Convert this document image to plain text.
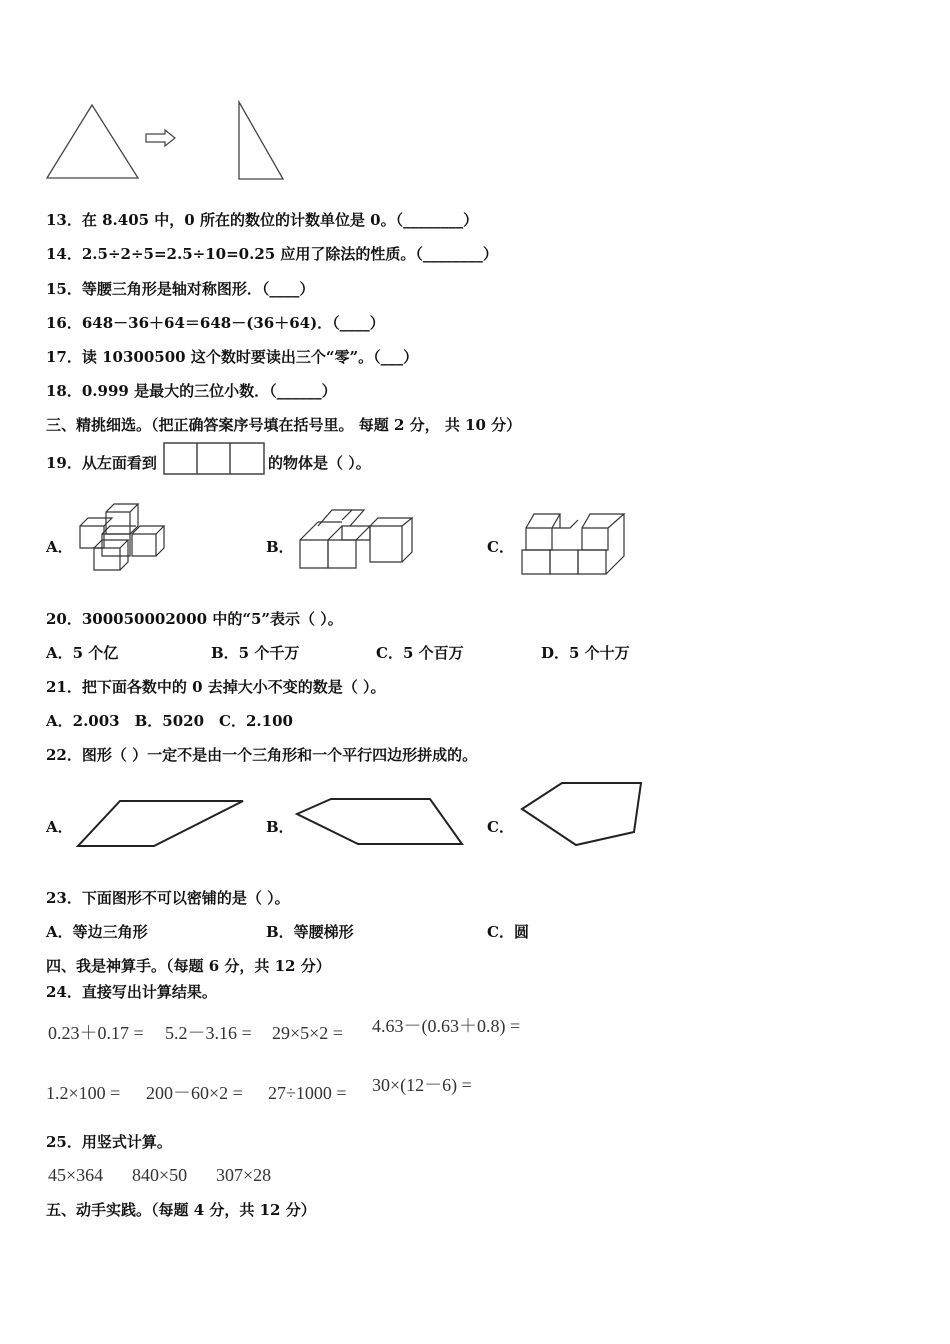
13．在 8.405 中，0 所在的数位的计数单位是 0。（________）
14．2.5÷2÷5=2.5÷10=0.25 应用了除法的性质。（________）
15．等腰三角形是轴对称图形．（____）
16．648－36＋64＝648－(36＋64)．（____）
17．读 10300500 这个数时要读出三个“零”。（___）
18．0.999 是最大的三位小数．（______）
三、精挑细选。（把正确答案序号填在括号里。 每题 2 分， 共 10 分）
19．从左面看到	的物体是（ ）。
A．	B．	C．
20．300050002000 中的“5”表示（ ）。
A．5 个亿	B．5 个千万	C．5 个百万	D．5 个十万
21．把下面各数中的 0 去掉大小不变的数是（ ）。
A．2.003　B．5020　C．2.100
22．图形（ ）一定不是由一个三角形和一个平行四边形拼成的。
A．	B．	C．
23．下面图形不可以密铺的是（ ）。
A．等边三角形	B．等腰梯形	C．圆
四、我是神算手。（每题 6 分，共 12 分）
24．直接写出计算结果。
0.23＋0.17 = 5.2－3.16 = 29×5×2 = 4.63－(0.63＋0.8) =
1.2×100 = 200－60×2 = 27÷1000 = 30×(12－6) =
25．用竖式计算。
45×364 840×50 307×28
五、动手实践。（每题 4 分，共 12 分）
